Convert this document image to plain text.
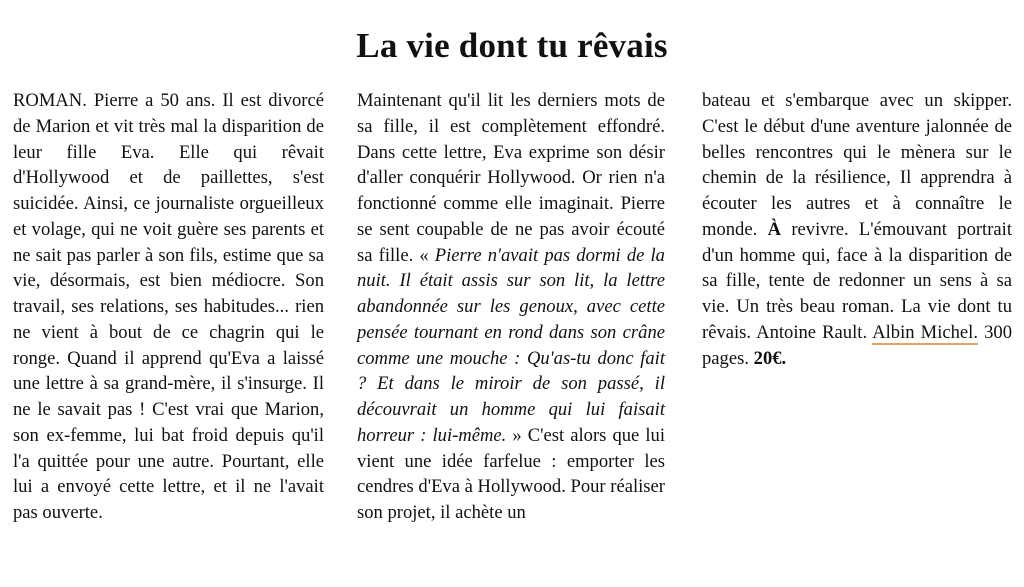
La vie dont tu rêvais

ROMAN. Pierre a 50 ans. Il est divorcé de Marion et vit très mal la disparition de leur fille Eva. Elle qui rêvait d'Hollywood et de paillettes, s'est suicidée. Ainsi, ce journaliste orgueilleux et volage, qui ne voit guère ses parents et ne sait pas parler à son fils, estime que sa vie, désormais, est bien médiocre. Son travail, ses relations, ses habitudes... rien ne vient à bout de ce chagrin qui le ronge. Quand il apprend qu'Eva a laissé une lettre à sa grand-mère, il s'insurge. Il ne le savait pas ! C'est vrai que Marion, son ex-femme, lui bat froid depuis qu'il l'a quittée pour une autre. Pourtant, elle lui a envoyé cette lettre, et il ne l'avait pas ouverte.

Maintenant qu'il lit les derniers mots de sa fille, il est complètement effondré. Dans cette lettre, Eva exprime son désir d'aller conquérir Hollywood. Or rien n'a fonctionné comme elle imaginait. Pierre se sent coupable de ne pas avoir écouté sa fille. « Pierre n'avait pas dormi de la nuit. Il était assis sur son lit, la lettre abandonnée sur les genoux, avec cette pensée tournant en rond dans son crâne comme une mouche : Qu'as-tu donc fait ? Et dans le miroir de son passé, il découvrait un homme qui lui faisait horreur : lui-même. » C'est alors que lui vient une idée farfelue : emporter les cendres d'Eva à Hollywood. Pour réaliser son projet, il achète un

bateau et s'embarque avec un skipper. C'est le début d'une aventure jalonnée de belles rencontres qui le mènera sur le chemin de la résilience, Il apprendra à écouter les autres et à connaître le monde. À revivre. L'émouvant portrait d'un homme qui, face à la disparition de sa fille, tente de redonner un sens à sa vie. Un très beau roman. La vie dont tu rêvais. Antoine Rault. Albin Michel. 300 pages. 20€.
